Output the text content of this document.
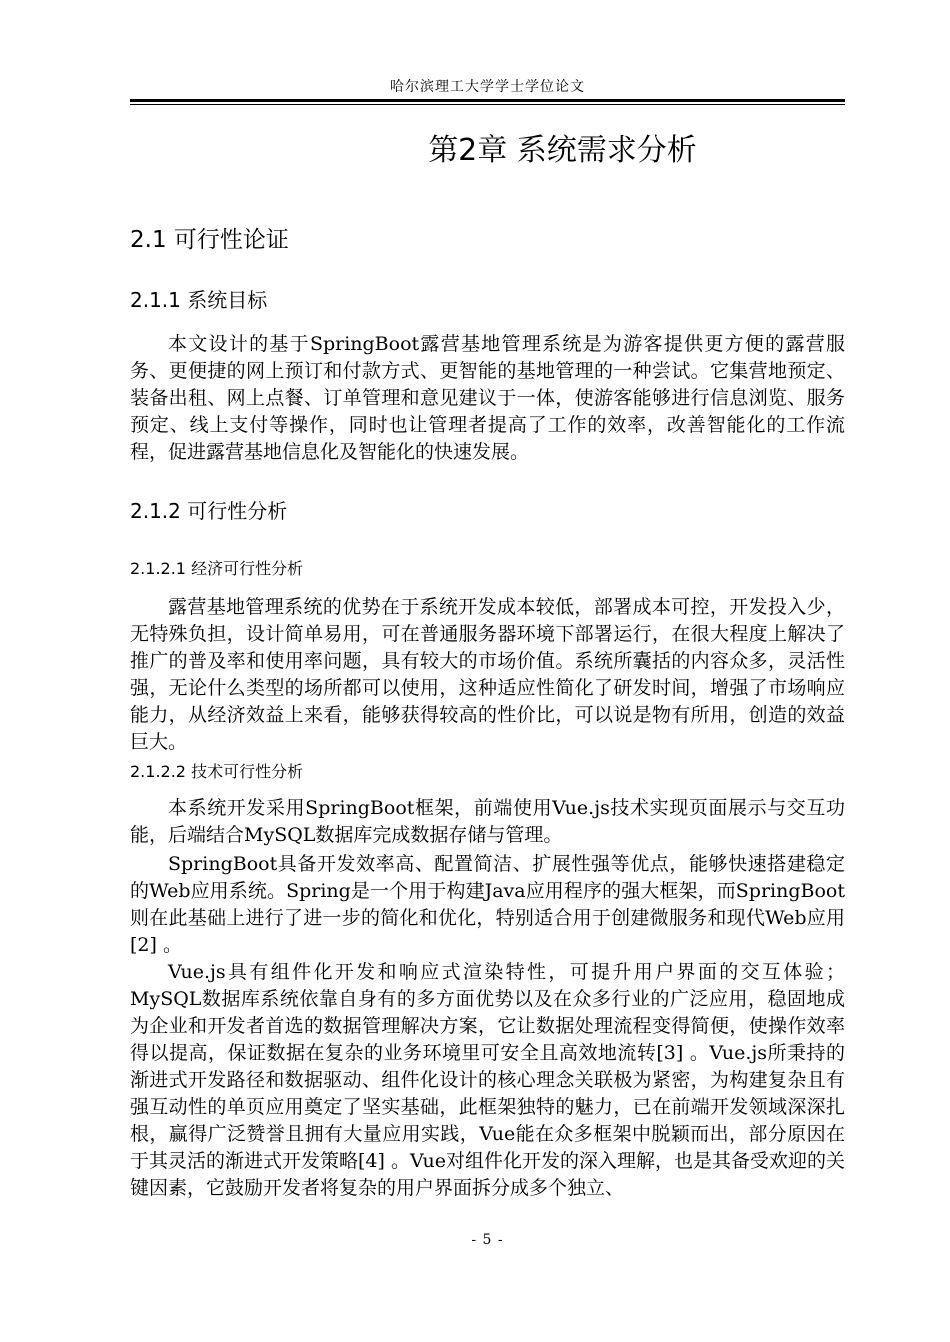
哈尔滨理工大学学士学位论文
第2章 系统需求分析
2.1 可行性论证
2.1.1 系统目标

本文设计的基于SpringBoot露营基地管理系统是为游客提供更方便的露营服务、更便捷的网上预订和付款方式、更智能的基地管理的一种尝试。它集营地预定、装备出租、网上点餐、订单管理和意见建议于一体，使游客能够进行信息浏览、服务预定、线上支付等操作，同时也让管理者提高了工作的效率，改善智能化的工作流程，促进露营基地信息化及智能化的快速发展。

2.1.2 可行性分析
2.1.2.1 经济可行性分析

露营基地管理系统的优势在于系统开发成本较低，部署成本可控，开发投入少，无特殊负担，设计简单易用，可在普通服务器环境下部署运行，在很大程度上解决了推广的普及率和使用率问题，具有较大的市场价值。系统所囊括的内容众多，灵活性强，无论什么类型的场所都可以使用，这种适应性简化了研发时间，增强了市场响应能力，从经济效益上来看，能够获得较高的性价比，可以说是物有所用，创造的效益巨大。

2.1.2.2 技术可行性分析

本系统开发采用SpringBoot框架，前端使用Vue.js技术实现页面展示与交互功能，后端结合MySQL数据库完成数据存储与管理。

SpringBoot具备开发效率高、配置简洁、扩展性强等优点，能够快速搭建稳定的Web应用系统。Spring是一个用于构建Java应用程序的强大框架，而SpringBoot则在此基础上进行了进一步的简化和优化，特别适合用于创建微服务和现代Web应用[2] 。

Vue.js具有组件化开发和响应式渲染特性，可提升用户界面的交互体验；MySQL数据库系统依靠自身有的多方面优势以及在众多行业的广泛应用，稳固地成为企业和开发者首选的数据管理解决方案，它让数据处理流程变得简便，使操作效率得以提高，保证数据在复杂的业务环境里可安全且高效地流转[3] 。Vue.js所秉持的渐进式开发路径和数据驱动、组件化设计的核心理念关联极为紧密，为构建复杂且有强互动性的单页应用奠定了坚实基础，此框架独特的魅力，已在前端开发领域深深扎根，赢得广泛赞誉且拥有大量应用实践，Vue能在众多框架中脱颖而出，部分原因在于其灵活的渐进式开发策略[4] 。Vue对组件化开发的深入理解，也是其备受欢迎的关键因素，它鼓励开发者将复杂的用户界面拆分成多个独立、

- 5 -
